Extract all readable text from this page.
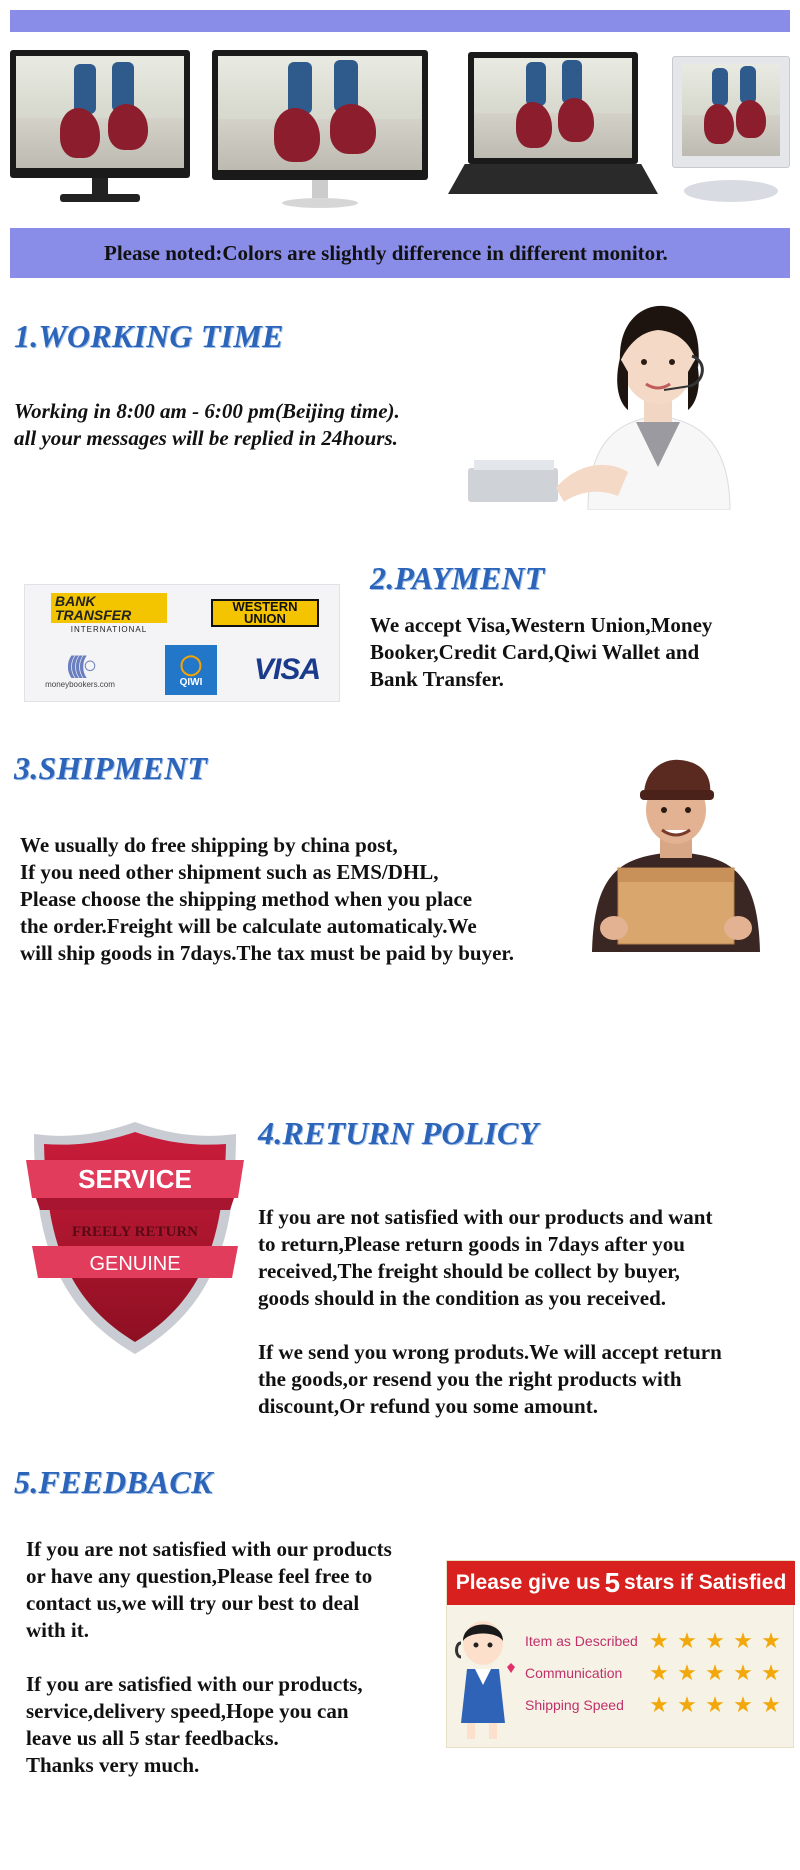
Please noted:Colors are slightly difference in different monitor.
1.WORKING TIME
Working in 8:00 am - 6:00 pm(Beijing time).
all your messages will be replied in 24hours.
BANK TRANSFER
INTERNATIONAL
WESTERN UNION
((((○
moneybookers.com
◯
QIWI VISA
2.PAYMENT
We accept Visa,Western Union,Money
Booker,Credit Card,Qiwi Wallet and
Bank Transfer.
3.SHIPMENT
We usually do free shipping by china post,
If you need other shipment such as EMS/DHL,
Please choose the shipping method when you place
the order.Freight will be calculate automaticaly.We
will ship goods in 7days.The tax must be paid by buyer.
SERVICE
FREELY RETURN
GENUINE
4.RETURN POLICY
If you are not satisfied with our products and want
to return,Please return goods in 7days after you
received,The freight should be collect by buyer,
goods should in the condition as you received.
If we send you wrong produts.We will accept return
the goods,or resend you the right products with
discount,Or refund you some amount.
5.FEEDBACK
If you are not satisfied with our products
or have any question,Please feel free to
contact us,we will try our best to deal
with it.
If you are satisfied with our products,
service,delivery speed,Hope you can
leave us all 5 star feedbacks.
Thanks very much.
Please give us 5 stars if Satisfied
Item as Described ★ ★ ★ ★ ★
Communication	★ ★ ★ ★ ★
Shipping Speed	★ ★ ★ ★ ★
